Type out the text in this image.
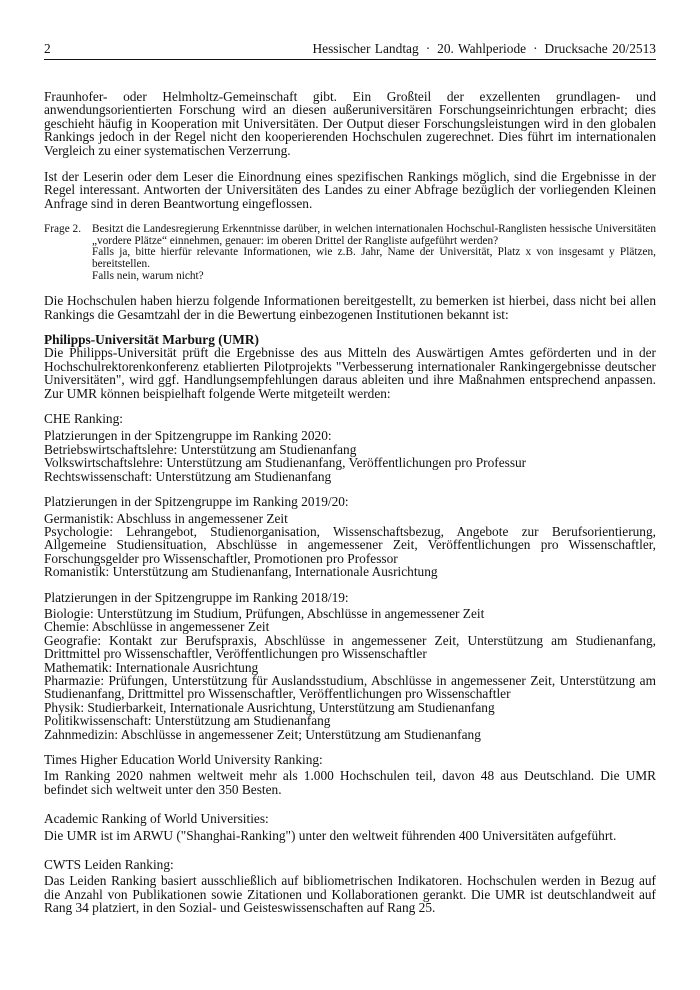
2	Hessischer Landtag · 20. Wahlperiode · Drucksache 20/2513

Fraunhofer- oder Helmholtz-Gemeinschaft gibt. Ein Großteil der exzellenten grundlagen- und anwendungsorientierten Forschung wird an diesen außeruniversitären Forschungseinrichtungen erbracht; dies geschieht häufig in Kooperation mit Universitäten. Der Output dieser Forschungsleistungen wird in den globalen Rankings jedoch in der Regel nicht den kooperierenden Hochschulen zugerechnet. Dies führt im internationalen Vergleich zu einer systematischen Verzerrung.

Ist der Leserin oder dem Leser die Einordnung eines spezifischen Rankings möglich, sind die Ergebnisse in der Regel interessant. Antworten der Universitäten des Landes zu einer Abfrage bezüglich der vorliegenden Kleinen Anfrage sind in deren Beantwortung eingeflossen.

Frage 2. Besitzt die Landesregierung Erkenntnisse darüber, in welchen internationalen Hochschul-Ranglisten hessische Universitäten „vordere Plätze“ einnehmen, genauer: im oberen Drittel der Rangliste aufgeführt werden?
Falls ja, bitte hierfür relevante Informationen, wie z.B. Jahr, Name der Universität, Platz x von insgesamt y Plätzen, bereitstellen.
Falls nein, warum nicht?

Die Hochschulen haben hierzu folgende Informationen bereitgestellt, zu bemerken ist hierbei, dass nicht bei allen Rankings die Gesamtzahl der in die Bewertung einbezogenen Institutionen bekannt ist:

Philipps-Universität Marburg (UMR)

Die Philipps-Universität prüft die Ergebnisse des aus Mitteln des Auswärtigen Amtes geförderten und in der Hochschulrektorenkonferenz etablierten Pilotprojekts "Verbesserung internationaler Rankingergebnisse deutscher Universitäten", wird ggf. Handlungsempfehlungen daraus ableiten und ihre Maßnahmen entsprechend anpassen. Zur UMR können beispielhaft folgende Werte mitgeteilt werden:

CHE Ranking:

Platzierungen in der Spitzengruppe im Ranking 2020:

Betriebswirtschaftslehre: Unterstützung am Studienanfang

Volkswirtschaftslehre: Unterstützung am Studienanfang, Veröffentlichungen pro Professur

Rechtswissenschaft: Unterstützung am Studienanfang

Platzierungen in der Spitzengruppe im Ranking 2019/20:

Germanistik: Abschluss in angemessener Zeit

Psychologie: Lehrangebot, Studienorganisation, Wissenschaftsbezug, Angebote zur Berufsorientierung, Allgemeine Studiensituation, Abschlüsse in angemessener Zeit, Veröffentlichungen pro Wissenschaftler, Forschungsgelder pro Wissenschaftler, Promotionen pro Professor

Romanistik: Unterstützung am Studienanfang, Internationale Ausrichtung

Platzierungen in der Spitzengruppe im Ranking 2018/19:

Biologie: Unterstützung im Studium, Prüfungen, Abschlüsse in angemessener Zeit

Chemie: Abschlüsse in angemessener Zeit

Geografie: Kontakt zur Berufspraxis, Abschlüsse in angemessener Zeit, Unterstützung am Studienanfang, Drittmittel pro Wissenschaftler, Veröffentlichungen pro Wissenschaftler

Mathematik: Internationale Ausrichtung

Pharmazie: Prüfungen, Unterstützung für Auslandsstudium, Abschlüsse in angemessener Zeit, Unterstützung am Studienanfang, Drittmittel pro Wissenschaftler, Veröffentlichungen pro Wissenschaftler

Physik: Studierbarkeit, Internationale Ausrichtung, Unterstützung am Studienanfang

Politikwissenschaft: Unterstützung am Studienanfang

Zahnmedizin: Abschlüsse in angemessener Zeit; Unterstützung am Studienanfang

Times Higher Education World University Ranking:

Im Ranking 2020 nahmen weltweit mehr als 1.000 Hochschulen teil, davon 48 aus Deutschland. Die UMR befindet sich weltweit unter den 350 Besten.

Academic Ranking of World Universities:

Die UMR ist im ARWU ("Shanghai-Ranking") unter den weltweit führenden 400 Universitäten aufgeführt.

CWTS Leiden Ranking:

Das Leiden Ranking basiert ausschließlich auf bibliometrischen Indikatoren. Hochschulen werden in Bezug auf die Anzahl von Publikationen sowie Zitationen und Kollaborationen gerankt. Die UMR ist deutschlandweit auf Rang 34 platziert, in den Sozial- und Geisteswissenschaften auf Rang 25.
